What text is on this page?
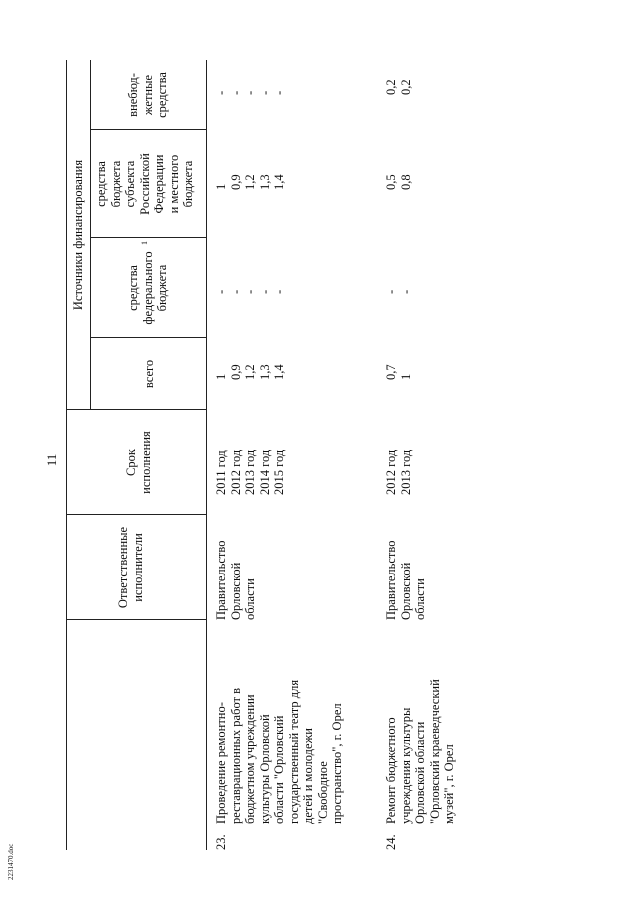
11
2231470.doc
Ответственные
исполнители
Срок
исполнения
Источники финансирования
всего
средства
федерального
бюджета
1
средства
бюджета
субъекта
Российской
Федерации
и местного
бюджета
внебюд-
жетные
средства
23.
Проведение ремонтно-
реставрационных работ в
бюджетном учреждении
культуры Орловской
области "Орловский
государственный театр для
детей и молодежи
"Свободное
пространство", г. Орел
Правительство
Орловской
области
2011 год
2012 год
2013 год
2014 год
2015 год
1
0,9
1,2
1,3
1,4
-
-
-
-
-
1
0,9
1,2
1,3
1,4
-
-
-
-
-
24.
Ремонт бюджетного
учреждения культуры
Орловской области
"Орловский краеведческий
музей", г. Орел
Правительство
Орловской
области
2012 год
2013 год
0,7
1
-
-
0,5
0,8
0,2
0,2
